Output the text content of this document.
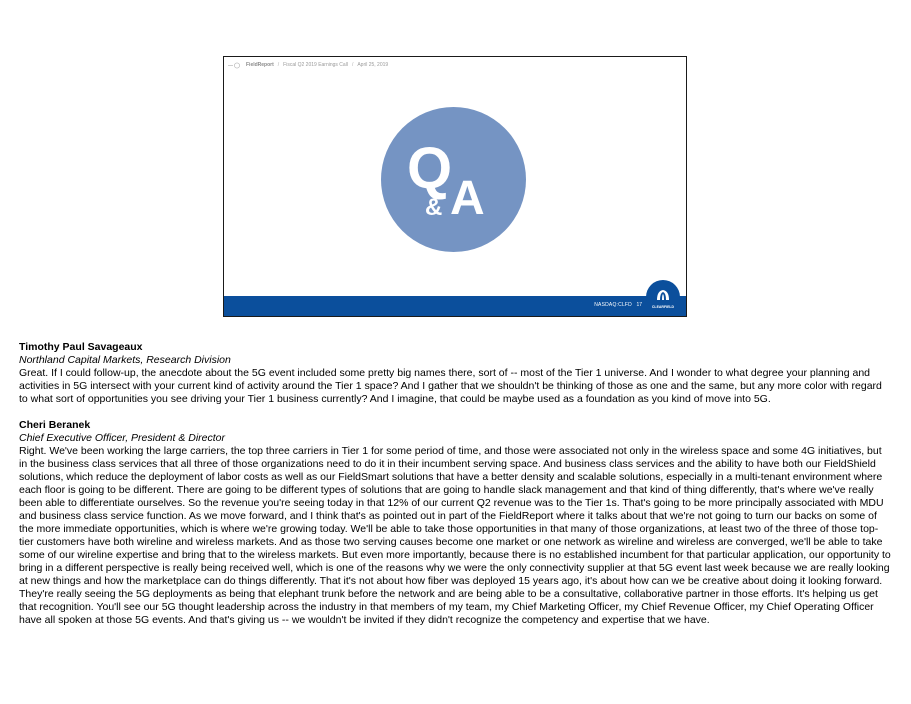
FieldReport / Fiscal Q2 2019 Earnings Call / April 25, 2019
Q
& A
NASDAQ:CLFD 17	CLEARFIELD

Timothy Paul Savageaux

Northland Capital Markets, Research Division

Great. If I could follow-up, the anecdote about the 5G event included some pretty big names there, sort of -- most of the Tier 1 universe. And I wonder to what degree your planning and activities in 5G intersect with your current kind of activity around the Tier 1 space? And I gather that we shouldn't be thinking of those as one and the same, but any more color with regard to what sort of opportunities you see driving your Tier 1 business currently? And I imagine, that could be maybe used as a foundation as you kind of move into 5G.

Cheri Beranek

Chief Executive Officer, President & Director

Right. We've been working the large carriers, the top three carriers in Tier 1 for some period of time, and those were associated not only in the wireless space and some 4G initiatives, but in the business class services that all three of those organizations need to do it in their incumbent serving space. And business class services and the ability to have both our FieldShield solutions, which reduce the deployment of labor costs as well as our FieldSmart solutions that have a better density and scalable solutions, especially in a multi-tenant environment where each floor is going to be different. There are going to be different types of solutions that are going to handle slack management and that kind of thing differently, that's where we've really been able to differentiate ourselves. So the revenue you're seeing today in that 12% of our current Q2 revenue was to the Tier 1s. That's going to be more principally associated with MDU and business class service function. As we move forward, and I think that's as pointed out in part of the FieldReport where it talks about that we're not going to turn our backs on some of the more immediate opportunities, which is where we're growing today. We'll be able to take those opportunities in that many of those organizations, at least two of the three of those top-tier customers have both wireline and wireless markets. And as those two serving causes become one market or one network as wireline and wireless are converged, we'll be able to take some of our wireline expertise and bring that to the wireless markets. But even more importantly, because there is no established incumbent for that particular application, our opportunity to bring in a different perspective is really being received well, which is one of the reasons why we were the only connectivity supplier at that 5G event last week because we are really looking at new things and how the marketplace can do things differently. That it's not about how fiber was deployed 15 years ago, it's about how can we be creative about doing it looking forward. They're really seeing the 5G deployments as being that elephant trunk before the network and are being able to be a consultative, collaborative partner in those efforts. It's helping us get that recognition. You'll see our 5G thought leadership across the industry in that members of my team, my Chief Marketing Officer, my Chief Revenue Officer, my Chief Operating Officer have all spoken at those 5G events. And that's giving us -- we wouldn't be invited if they didn't recognize the competency and expertise that we have.
